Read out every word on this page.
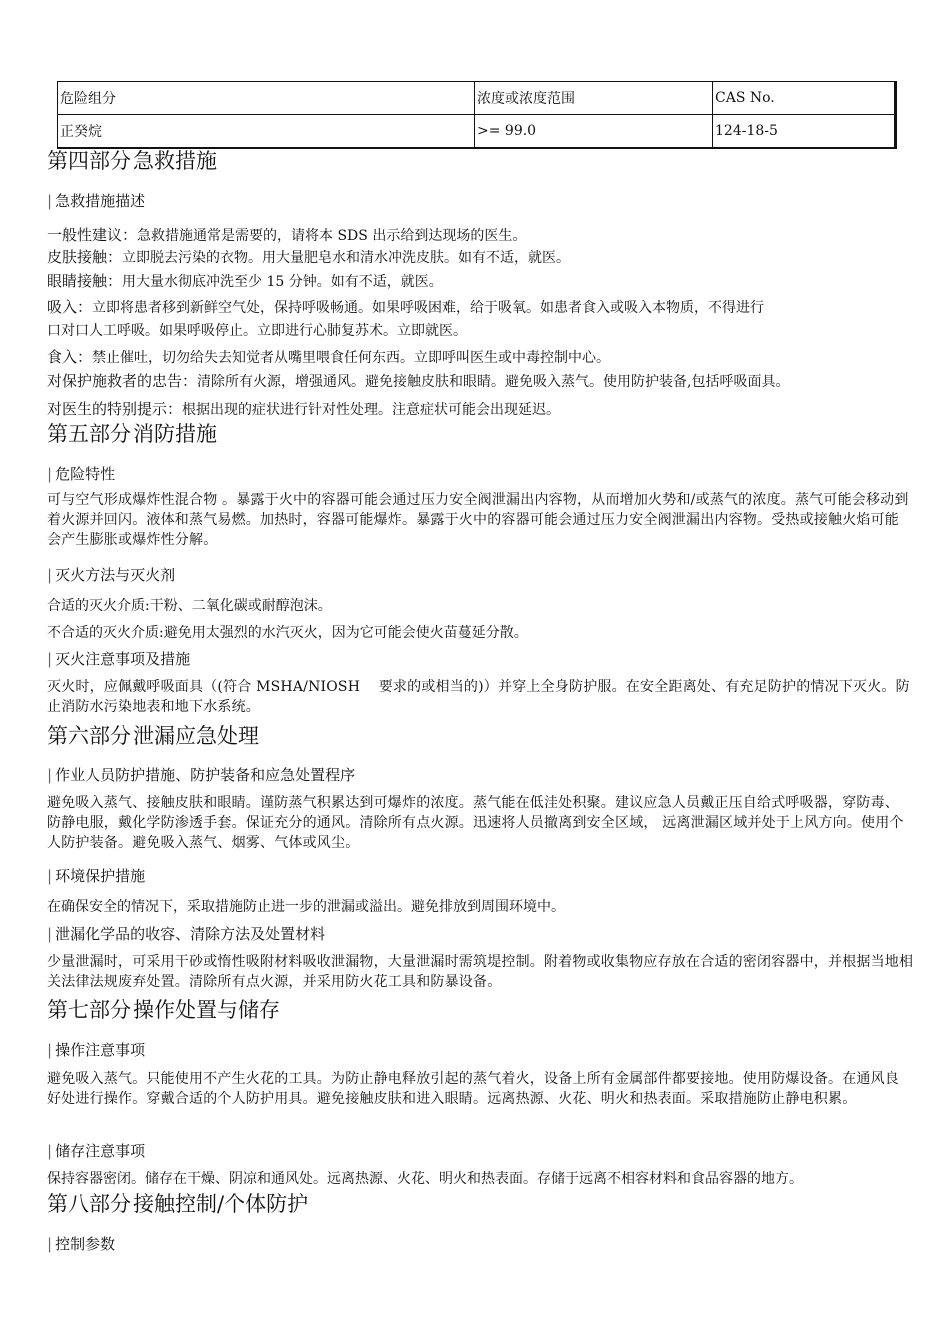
危险组分	浓度或浓度范围	CAS No.
正癸烷	>= 99.0	124-18-5
第四部分急救措施
| 急救措施描述
一般性建议：急救措施通常是需要的，请将本 SDS 出示给到达现场的医生。
皮肤接触：立即脱去污染的衣物。用大量肥皂水和清水冲洗皮肤。如有不适，就医。
眼睛接触：用大量水彻底冲洗至少 15 分钟。如有不适，就医。
吸入：立即将患者移到新鲜空气处，保持呼吸畅通。如果呼吸困难，给于吸氧。如患者食入或吸入本物质，不得进行
口对口人工呼吸。如果呼吸停止。立即进行心肺复苏术。立即就医。
食入：禁止催吐，切勿给失去知觉者从嘴里喂食任何东西。立即呼叫医生或中毒控制中心。
对保护施救者的忠告：清除所有火源，增强通风。避免接触皮肤和眼睛。避免吸入蒸气。使用防护装备,包括呼吸面具。
对医生的特别提示：根据出现的症状进行针对性处理。注意症状可能会出现延迟。
第五部分消防措施
| 危险特性
可与空气形成爆炸性混合物 。暴露于火中的容器可能会通过压力安全阀泄漏出内容物，从而增加火势和/或蒸气的浓度。蒸气可能会移动到着火源并回闪。液体和蒸气易燃。加热时，容器可能爆炸。暴露于火中的容器可能会通过压力安全阀泄漏出内容物。受热或接触火焰可能会产生膨胀或爆炸性分解。
| 灭火方法与灭火剂
合适的灭火介质:干粉、二氧化碳或耐醇泡沫。
不合适的灭火介质:避免用太强烈的水汽灭火，因为它可能会使火苗蔓延分散。
| 灭火注意事项及措施
灭火时，应佩戴呼吸面具（(符合 MSHA/NIOSH    要求的或相当的)）并穿上全身防护服。在安全距离处、有充足防护的情况下灭火。防止消防水污染地表和地下水系统。
第六部分泄漏应急处理
| 作业人员防护措施、防护装备和应急处置程序
避免吸入蒸气、接触皮肤和眼睛。谨防蒸气积累达到可爆炸的浓度。蒸气能在低洼处积聚。建议应急人员戴正压自给式呼吸器，穿防毒、防静电服，戴化学防渗透手套。保证充分的通风。清除所有点火源。迅速将人员撤离到安全区域， 远离泄漏区域并处于上风方向。使用个人防护装备。避免吸入蒸气、烟雾、气体或风尘。
| 环境保护措施
在确保安全的情况下，采取措施防止进一步的泄漏或溢出。避免排放到周围环境中。
| 泄漏化学品的收容、清除方法及处置材料
少量泄漏时，可采用干砂或惰性吸附材料吸收泄漏物，大量泄漏时需筑堤控制。附着物或收集物应存放在合适的密闭容器中，并根据当地相关法律法规废弃处置。清除所有点火源，并采用防火花工具和防暴设备。
第七部分操作处置与储存
| 操作注意事项
避免吸入蒸气。只能使用不产生火花的工具。为防止静电释放引起的蒸气着火，设备上所有金属部件都要接地。使用防爆设备。在通风良好处进行操作。穿戴合适的个人防护用具。避免接触皮肤和进入眼睛。远离热源、火花、明火和热表面。采取措施防止静电积累。
| 储存注意事项
保持容器密闭。储存在干燥、阴凉和通风处。远离热源、火花、明火和热表面。存储于远离不相容材料和食品容器的地方。
第八部分接触控制/个体防护
| 控制参数
